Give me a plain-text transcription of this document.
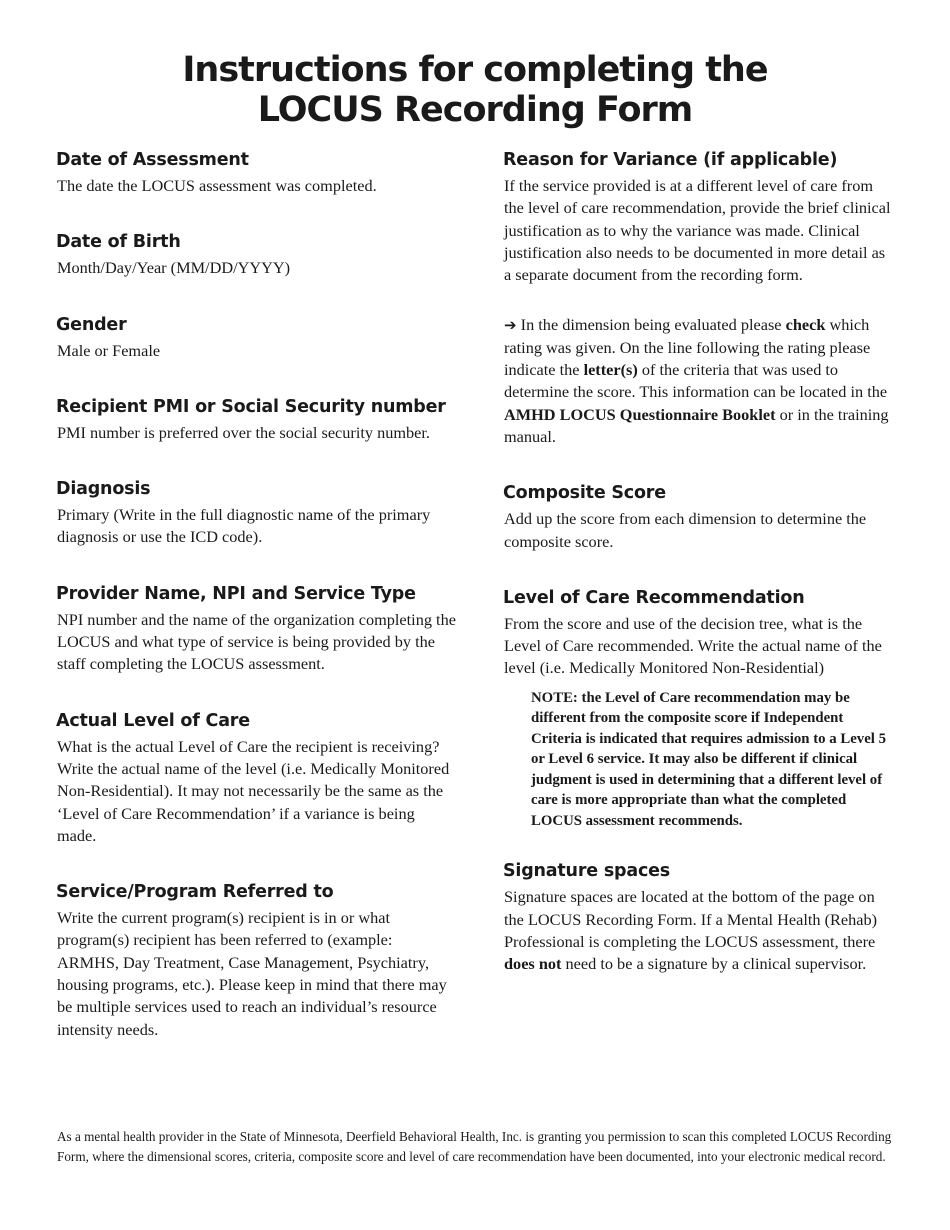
Instructions for completing the
LOCUS Recording Form
Date of Assessment

The date the LOCUS assessment was completed.

Date of Birth

Month/Day/Year (MM/DD/YYYY)

Gender

Male or Female

Recipient PMI or Social Security number

PMI number is preferred over the social security number.

Diagnosis

Primary (Write in the full diagnostic name of the primary diagnosis or use the ICD code).

Provider Name, NPI and Service Type

NPI number and the name of the organization completing the LOCUS and what type of service is being provided by the staff completing the LOCUS assessment.

Actual Level of Care

What is the actual Level of Care the recipient is receiving? Write the actual name of the level (i.e. Medically Monitored Non-Residential). It may not necessarily be the same as the ‘Level of Care Recommendation’ if a variance is being made.

Service/Program Referred to

Write the current program(s) recipient is in or what program(s) recipient has been referred to (example: ARMHS, Day Treatment, Case Management, Psychiatry, housing programs, etc.). Please keep in mind that there may be multiple services used to reach an individual’s resource intensity needs.

Reason for Variance (if applicable)

If the service provided is at a different level of care from the level of care recommendation, provide the brief clinical justification as to why the variance was made. Clinical justification also needs to be documented in more detail as a separate document from the recording form.

➔ In the dimension being evaluated please check which rating was given. On the line following the rating please indicate the letter(s) of the criteria that was used to determine the score. This information can be located in the AMHD LOCUS Questionnaire Booklet or in the training manual.

Composite Score

Add up the score from each dimension to determine the composite score.

Level of Care Recommendation

From the score and use of the decision tree, what is the Level of Care recommended. Write the actual name of the level (i.e. Medically Monitored Non-Residential)

NOTE: the Level of Care recommendation may be different from the composite score if Independent Criteria is indicated that requires admission to a Level 5 or Level 6 service. It may also be different if clinical judgment is used in determining that a different level of care is more appropriate than what the completed LOCUS assessment recommends.
Signature spaces

Signature spaces are located at the bottom of the page on the LOCUS Recording Form. If a Mental Health (Rehab) Professional is completing the LOCUS assessment, there does not need to be a signature by a clinical supervisor.

As a mental health provider in the State of Minnesota, Deerfield Behavioral Health, Inc. is granting you permission to scan this completed LOCUS Recording Form, where the dimensional scores, criteria, composite score and level of care recommendation have been documented, into your electronic medical record.
